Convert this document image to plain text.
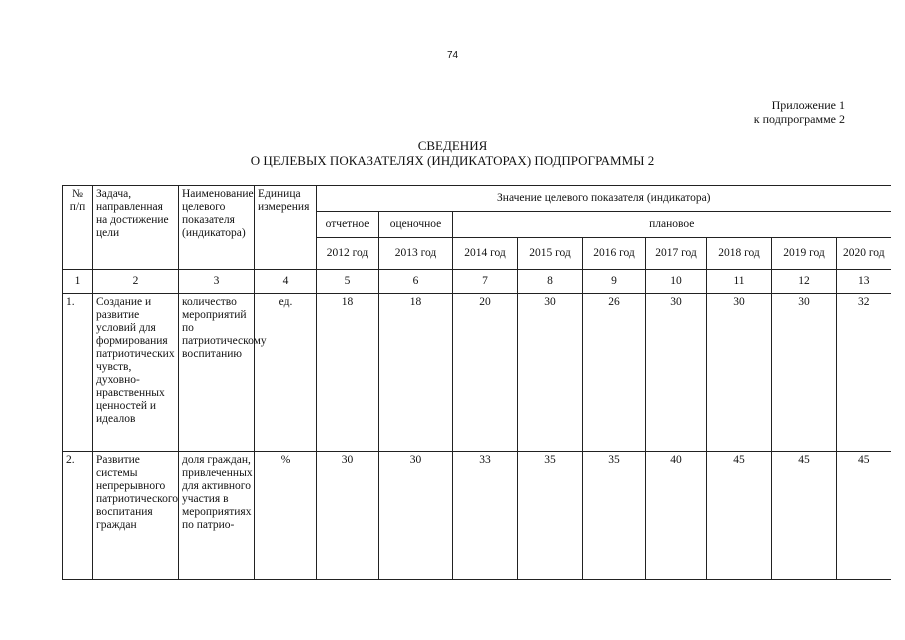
74
Приложение 1
к подпрограмме 2
СВЕДЕНИЯ
О ЦЕЛЕВЫХ ПОКАЗАТЕЛЯХ (ИНДИКАТОРАХ) ПОДПРОГРАММЫ 2
№ п/п	Задача, направленная на достижение цели	Наименование целевого показателя (индикатора)	Единица измерения	Значение целевого показателя (индикатора)								
				отчетное	оценочное	плановое						
				2012 год	2013 год	2014 год	2015 год	2016 год	2017 год	2018 год	2019 год	2020 год
1	2	3	4	5	6	7	8	9	10	11	12	13
1.	Создание и развитие условий для формирования патриотических чувств, духовно-нравственных ценностей и идеалов	количество мероприятий по патриотическому воспитанию	ед.	18	18	20	30	26	30	30	30	32
2.	Развитие системы непрерывного патриотического воспитания граждан	доля граждан, привлеченных для активного участия в мероприятиях по патрио-	%	30	30	33	35	35	40	45	45	45
